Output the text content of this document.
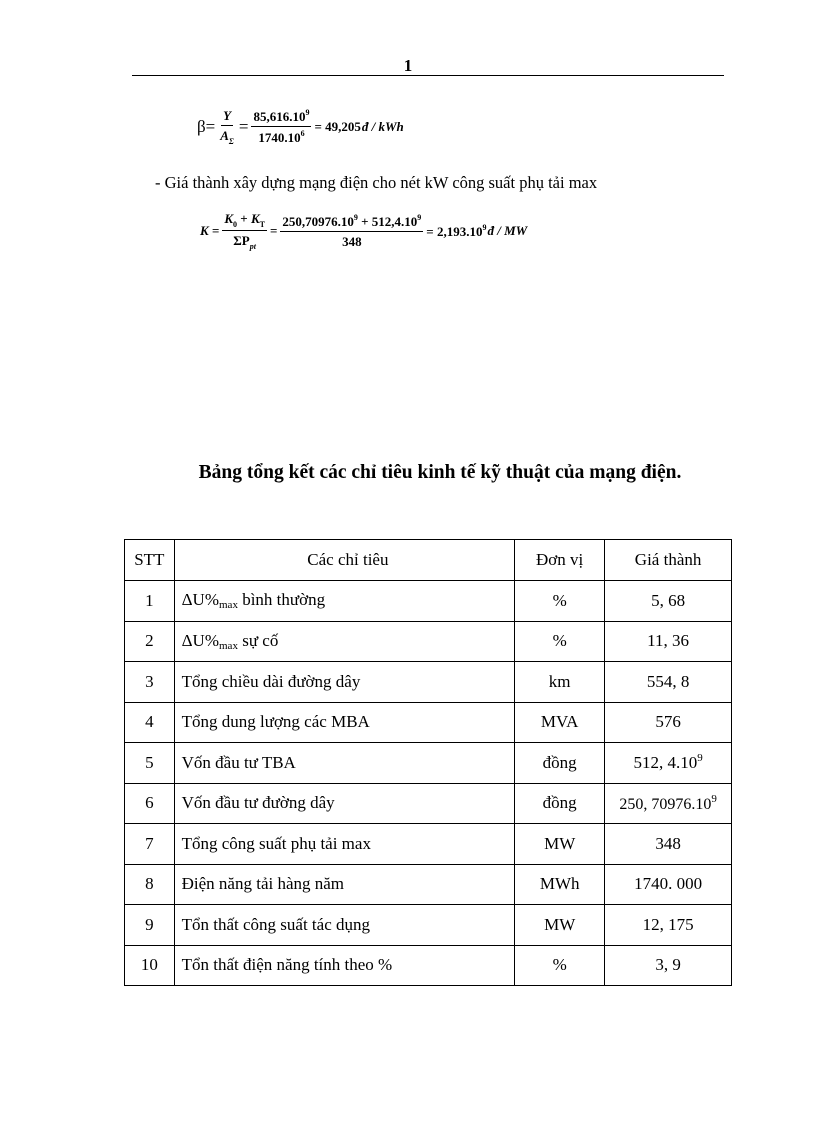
1
$\beta= \frac{Y}{A_\Sigma} = \frac{85,616.10^9}{1740.10^6} = 49,205$ đ / kWh
- Giá thành xây dựng mạng điện cho nét kW công suất phụ tải max
$K = \frac{K_0 + K_T}{\Sigma P_{pt}} = \frac{250,70976.10^9 + 512,4.10^9}{348} = 2,193.10^9$ đ / MW
Bảng tổng kết các chỉ tiêu kinh tế kỹ thuật của mạng điện.
STT	Các chỉ tiêu	Đơn vị	Giá thành
1	ΔU%max bình thường	%	5, 68
2	ΔU%max sự cố	%	11, 36
3	Tổng chiều dài đường dây	km	554, 8
4	Tổng dung lượng các MBA	MVA	576
5	Vốn đầu tư TBA	đồng	512, 4.10$^9$
6	Vốn đầu tư đường dây	đồng	250, 70976.10$^9$
7	Tổng công suất phụ tải max	MW	348
8	Điện năng tải hàng năm	MWh	1740. 000
9	Tổn thất công suất tác dụng	MW	12, 175
10	Tổn thất điện năng tính theo %	%	3, 9
